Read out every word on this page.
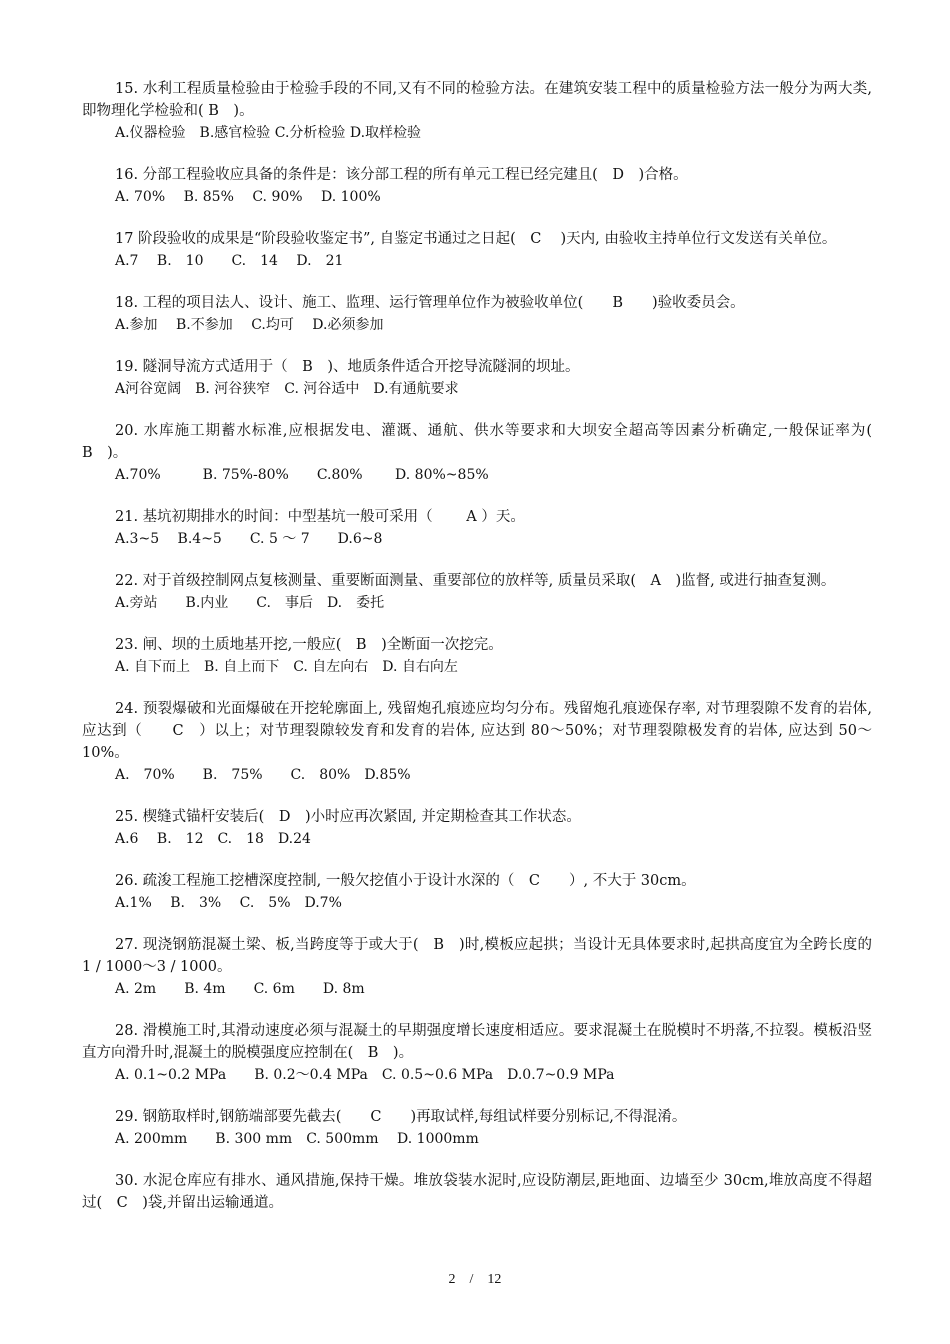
15. 水利工程质量检验由于检验手段的不同,又有不同的检验方法。在建筑安装工程中的质量检验方法一般分为两大类,即物理化学检验和( B　)。

A.仪器检验　B.感官检验 C.分析检验 D.取样检验

16. 分部工程验收应具备的条件是：该分部工程的所有单元工程已经完建且(　D　)合格。

A. 70%　 B. 85%　 C. 90%　 D. 100%

17 阶段验收的成果是“阶段验收鉴定书”, 自鉴定书通过之日起(　C　 )天内, 由验收主持单位行文发送有关单位。

A.7　 B.　10　　C.　14　 D.　21

18. 工程的项目法人、设计、施工、监理、运行管理单位作为被验收单位(　　B　　)验收委员会。

A.参加　 B.不参加　 C.均可　 D.必须参加

19. 隧洞导流方式适用于（　B　)、地质条件适合开挖导流隧洞的坝址。

A河谷宽阔　B. 河谷狭窄　C. 河谷适中　D.有通航要求

20. 水库施工期蓄水标准,应根据发电、灌溉、通航、供水等要求和大坝安全超高等因素分析确定,一般保证率为( B　)。

A.70%　　　B. 75%-80%　　C.80%　　 D. 80%~85%

21. 基坑初期排水的时间：中型基坑一般可采用（　　 A ）天。

A.3~5　 B.4~5　　C. 5 ～ 7　　D.6~8

22. 对于首级控制网点复核测量、重要断面测量、重要部位的放样等, 质量员采取(　A　)监督, 或进行抽查复测。

A.旁站　　B.内业　　C.　事后　D.　委托

23. 闸、坝的土质地基开挖,一般应(　B　)全断面一次挖完。

A. 自下而上　B. 自上而下　C. 自左向右　D. 自右向左

24. 预裂爆破和光面爆破在开挖轮廓面上, 残留炮孔痕迹应均匀分布。残留炮孔痕迹保存率, 对节理裂隙不发育的岩体, 应达到（　　C　）以上；对节理裂隙较发育和发育的岩体, 应达到 80～50%；对节理裂隙极发育的岩体, 应达到 50～10%。

A.　70%　　B.　75%　　C.　80%　D.85%

25. 楔缝式锚杆安装后(　D　)小时应再次紧固, 并定期检查其工作状态。

A.6　 B.　12　C.　18　D.24

26. 疏浚工程施工挖槽深度控制, 一般欠挖值小于设计水深的（　C　　）, 不大于 30cm。

A.1%　 B.　3%　 C.　5%　D.7%

27. 现浇钢筋混凝土梁、板,当跨度等于或大于(　B　)时,模板应起拱；当设计无具体要求时,起拱高度宜为全跨长度的 1 / 1000～3 / 1000。

A. 2m　　B. 4m　　C. 6m　　D. 8m

28. 滑模施工时,其滑动速度必须与混凝土的早期强度增长速度相适应。要求混凝土在脱模时不坍落,不拉裂。模板沿竖直方向滑升时,混凝土的脱模强度应控制在(　B　)。

A. 0.1~0.2 MPa　　B. 0.2～0.4 MPa　C. 0.5~0.6 MPa　D.0.7~0.9 MPa

29. 钢筋取样时,钢筋端部要先截去(　　C　　)再取试样,每组试样要分别标记,不得混淆。

A. 200mm　　B. 300 mm　C. 500mm　 D. 1000mm

30. 水泥仓库应有排水、通风措施,保持干燥。堆放袋装水泥时,应设防潮层,距地面、边墙至少 30cm,堆放高度不得超过(　C　)袋,并留出运输通道。

2　/　12
